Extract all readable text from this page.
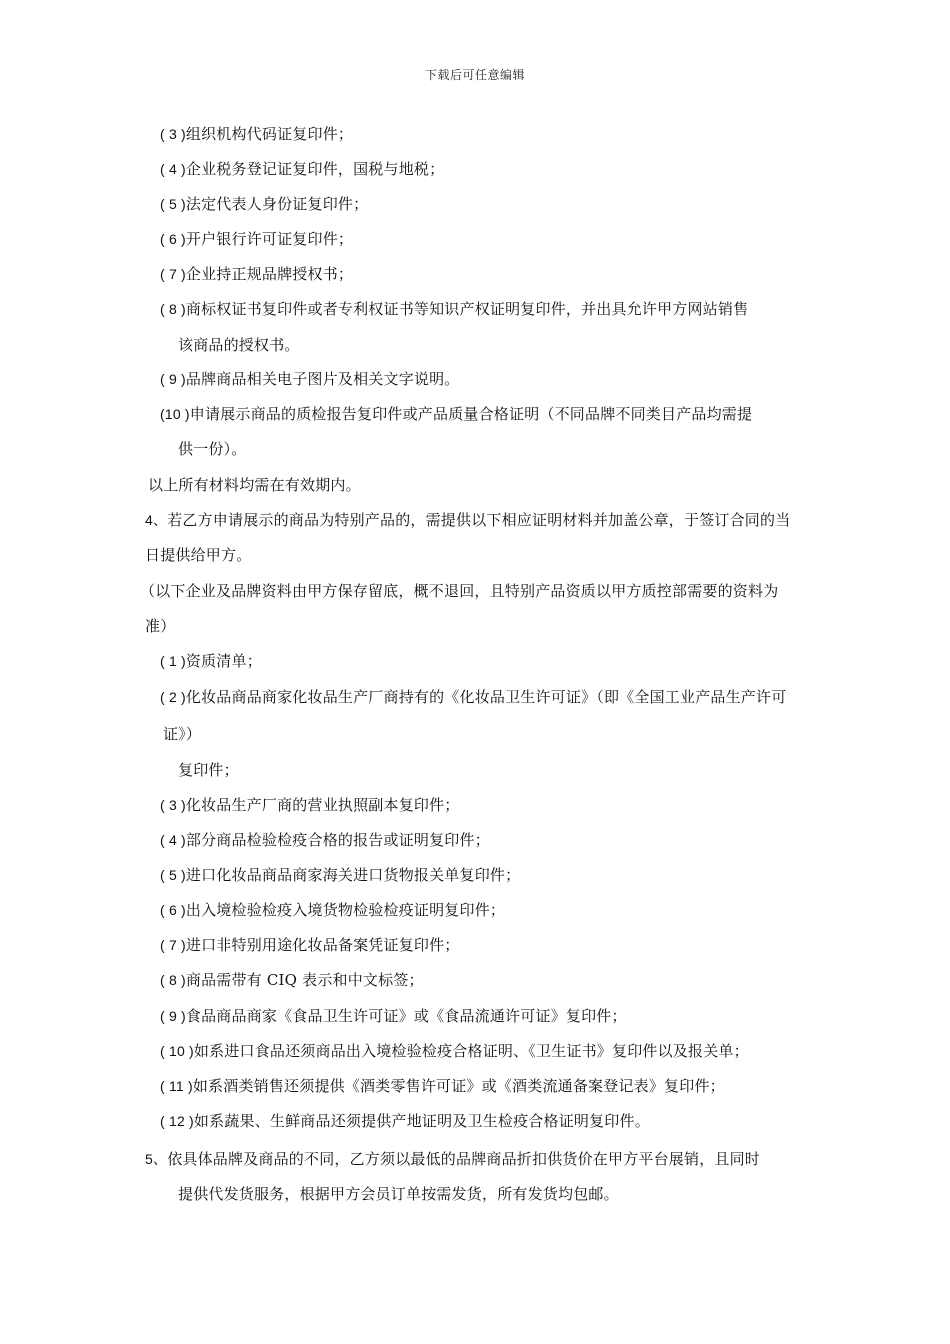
下载后可任意编辑
( 3 )组织机构代码证复印件；
( 4 )企业税务登记证复印件，国税与地税；
( 5 )法定代表人身份证复印件；
( 6 )开户银行许可证复印件；
( 7 )企业持正规品牌授权书；
( 8 )商标权证书复印件或者专利权证书等知识产权证明复印件，并出具允许甲方网站销售
该商品的授权书。
( 9 )品牌商品相关电子图片及相关文字说明。
(10 )申请展示商品的质检报告复印件或产品质量合格证明（不同品牌不同类目产品均需提
供一份）。
以上所有材料均需在有效期内。
4、若乙方申请展示的商品为特别产品的，需提供以下相应证明材料并加盖公章，于签订合同的当
日提供给甲方。
（以下企业及品牌资料由甲方保存留底，概不退回，且特别产品资质以甲方质控部需要的资料为
准）
( 1 )资质清单；
( 2 )化妆品商品商家化妆品生产厂商持有的《化妆品卫生许可证》（即《全国工业产品生产许可
证》）
复印件；
( 3 )化妆品生产厂商的营业执照副本复印件；
( 4 )部分商品检验检疫合格的报告或证明复印件；
( 5 )进口化妆品商品商家海关进口货物报关单复印件；
( 6 )出入境检验检疫入境货物检验检疫证明复印件；
( 7 )进口非特别用途化妆品备案凭证复印件；
( 8 )商品需带有 CIQ 表示和中文标签；
( 9 )食品商品商家《食品卫生许可证》或《食品流通许可证》复印件；
( 10 )如系进口食品还须商品出入境检验检疫合格证明、《卫生证书》复印件以及报关单；
( 11 )如系酒类销售还须提供《酒类零售许可证》或《酒类流通备案登记表》复印件；
( 12 )如系蔬果、生鲜商品还须提供产地证明及卫生检疫合格证明复印件。
5、依具体品牌及商品的不同，乙方须以最低的品牌商品折扣供货价在甲方平台展销，且同时
提供代发货服务，根据甲方会员订单按需发货，所有发货均包邮。
